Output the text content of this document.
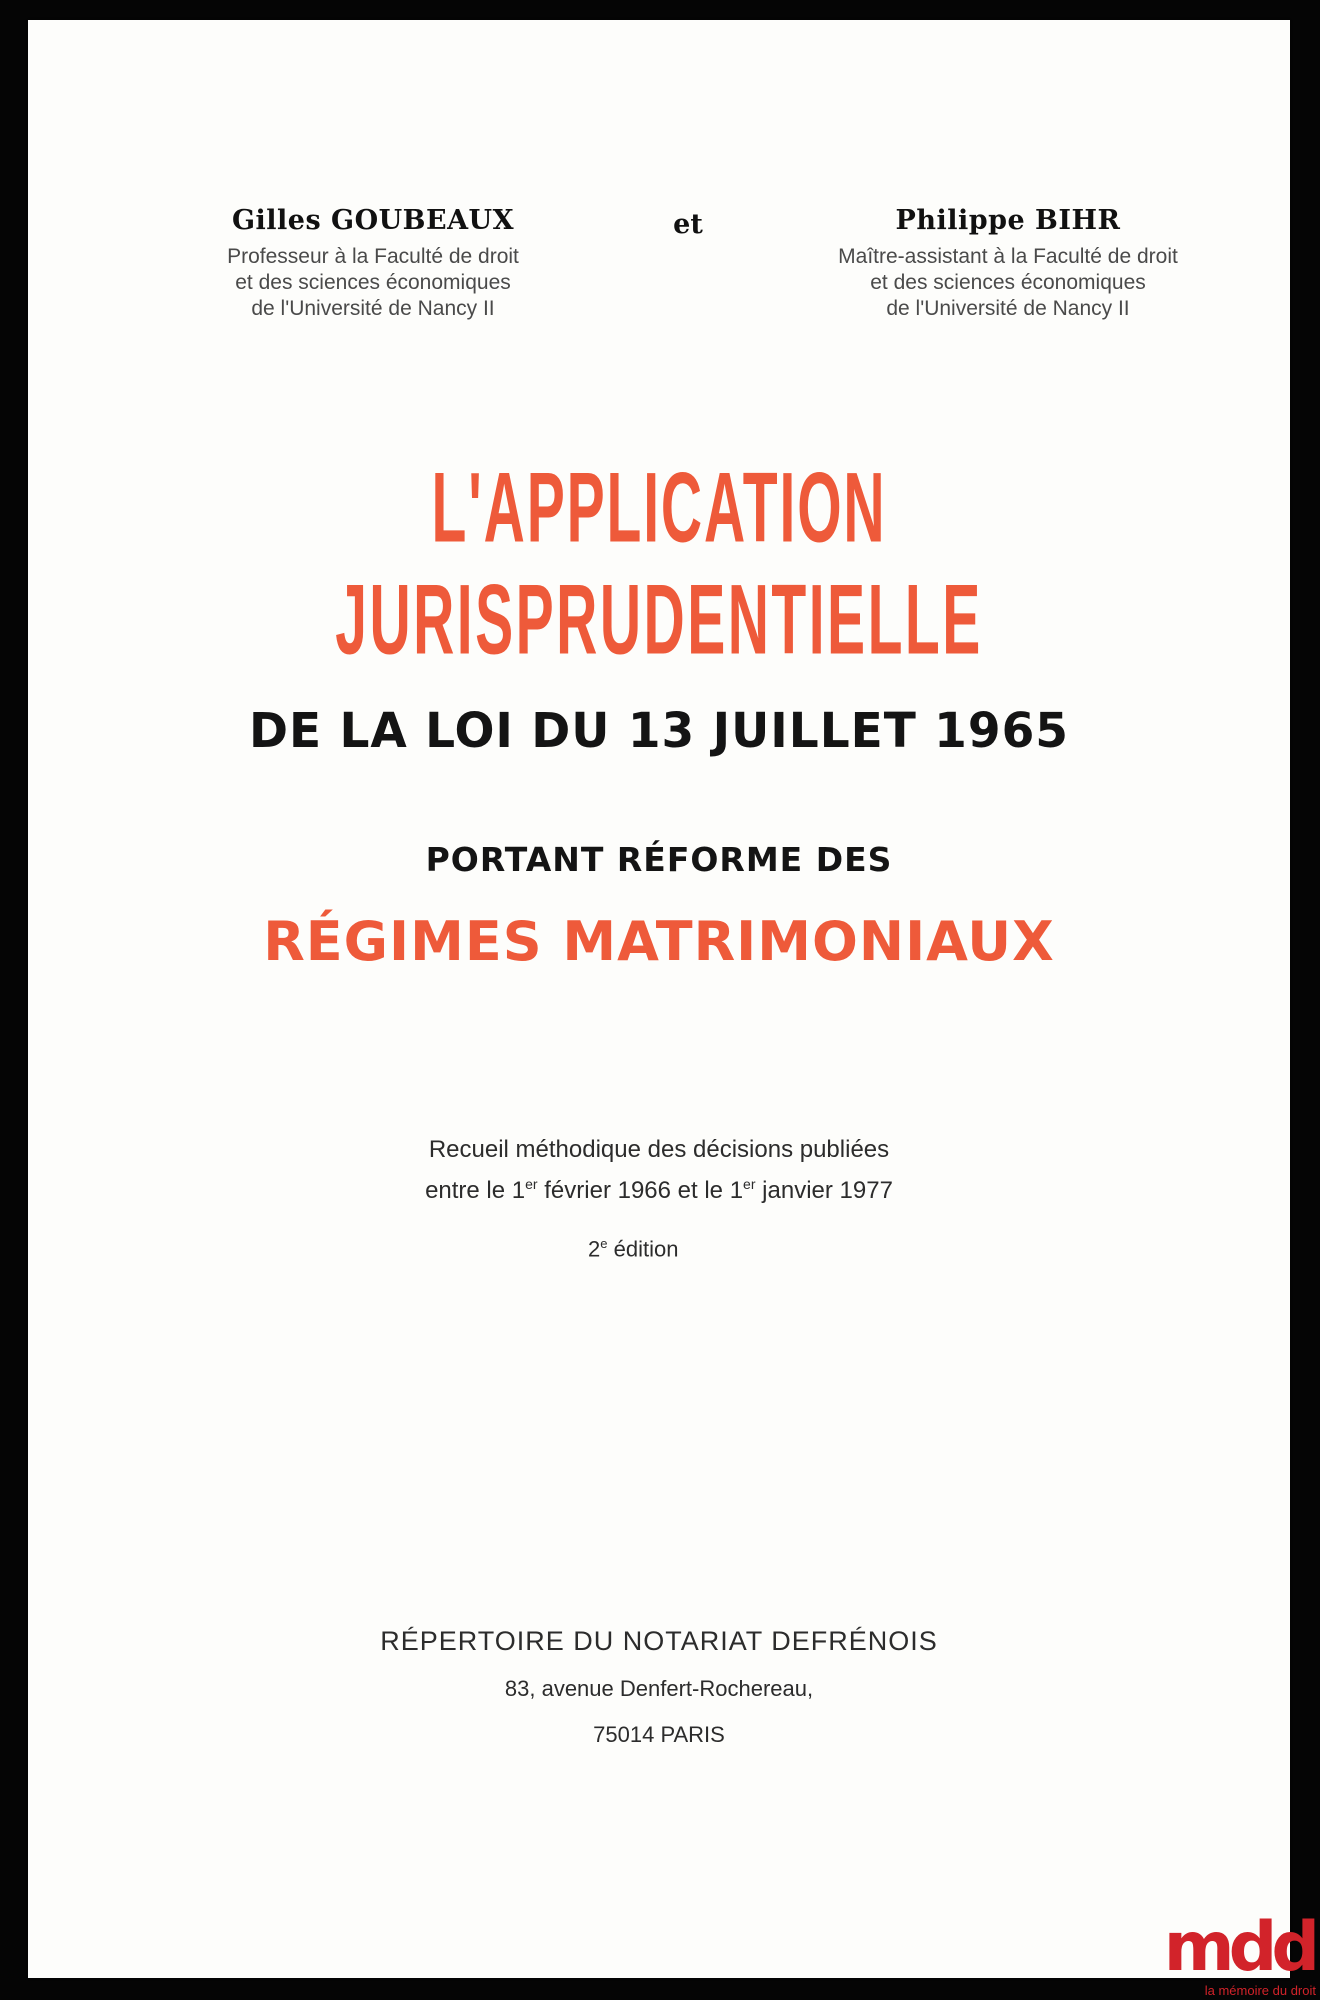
Gilles GOUBEAUX
Professeur à la Faculté de droit
et des sciences économiques
de l'Université de Nancy II
et	Philippe BIHR
Maître-assistant à la Faculté de droit
et des sciences économiques
de l'Université de Nancy II
L'APPLICATION
JURISPRUDENTIELLE
DE LA LOI DU 13 JUILLET 1965
PORTANT RÉFORME DES
RÉGIMES MATRIMONIAUX
Recueil méthodique des décisions publiées
entre le 1er février 1966 et le 1er janvier 1977
2e édition
RÉPERTOIRE DU NOTARIAT DEFRÉNOIS
83, avenue Denfert-Rochereau,
75014 PARIS
mdd
la mémoire du droit
